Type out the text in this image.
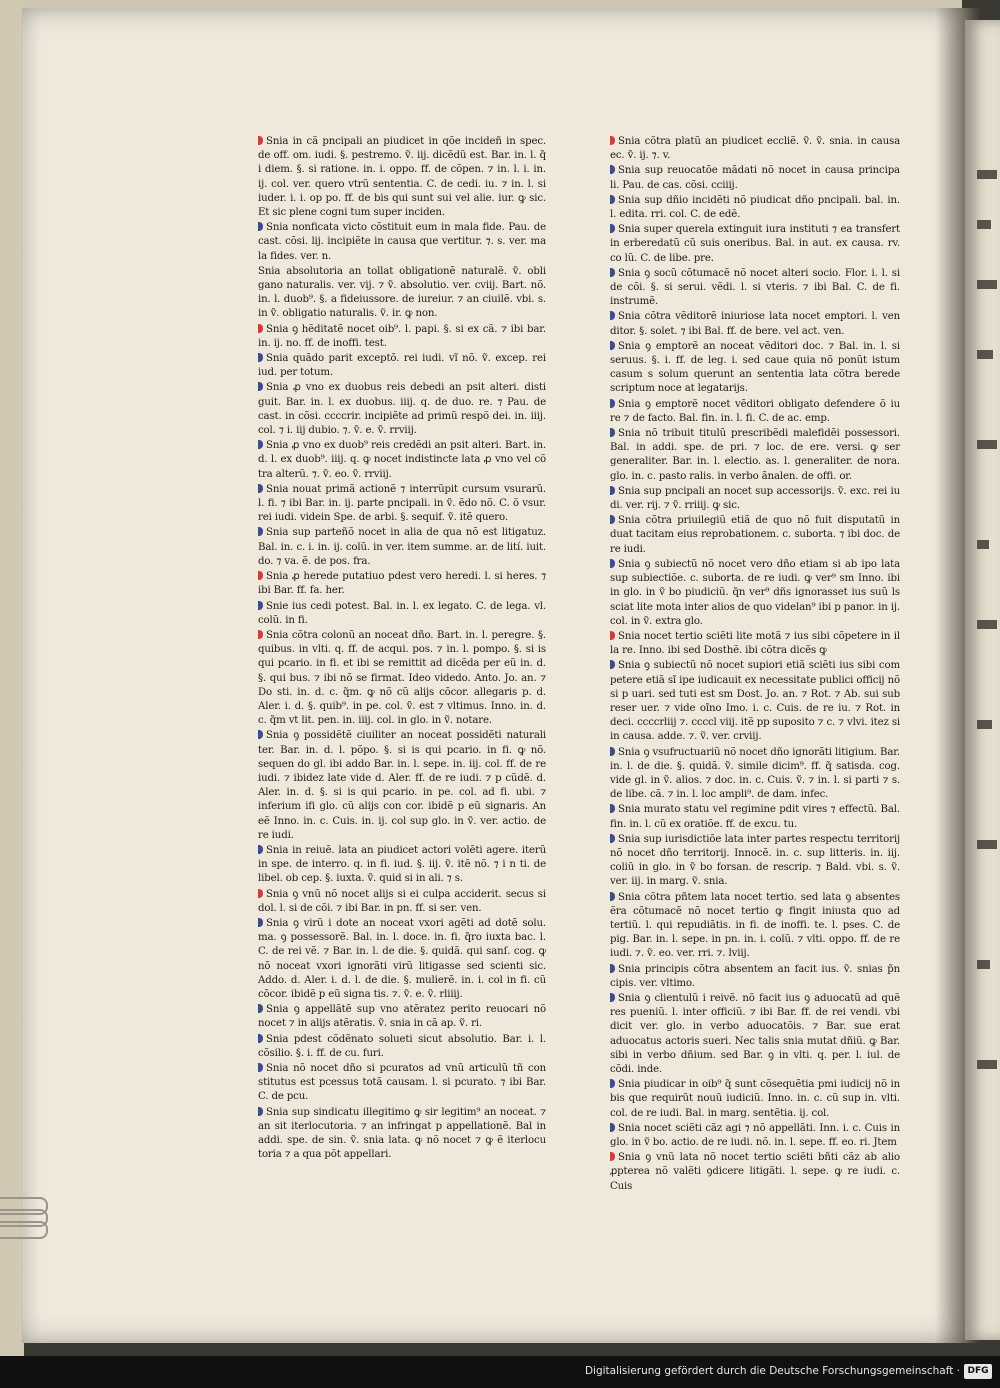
Snia in cã pncipali an piudicet in qõe incideñ in spec. de off. om. iudi. §. pestremo. ṽ. iij. dicẽdũ est. Bar. in. l. q̃ i diem. §. si ratione. in. i. oppo. ff. de cõpen. ⁊ in. l. i. in. ij. col. ver. quero vtrũ sententia. C. de cedi. iu. ⁊ in. l. si iuder. i. i. op po. ff. de bis qui sunt sui vel alie. iur. ꝙ sic. Et sic plene cogni tum super inciden.

Snia nonficata victo cõstituit eum in mala fide. Pau. de cast. cõsi. lij. incipiẽte in causa que vertitur. ⁊. s. ver. ma la fides. ver. n.

Snia absolutoria an tollat obligationẽ naturalẽ. ṽ. obli gano naturalis. ver. vij. ⁊ ṽ. absolutio. ver. cviij. Bart. nõ. in. l. duob⁹. §. a fideiussore. de iureiur. ⁊ an ciuilẽ. vbi. s. in ṽ. obligatio naturalis. ṽ. ir. ꝙ non.

Snia ꝯ hẽditatẽ nocet oib⁹. l. papi. §. si ex cã. ⁊ ibi bar. in. ij. no. ff. de inoffi. test.

Snia quãdo parit exceptõ. rei iudi. vĩ nõ. ṽ. excep. rei iud. per totum.

Snia ꝓ vno ex duobus reis debedi an psit alteri. disti guit. Bar. in. l. ex duobus. iiij. q. de duo. re. ⁊ Pau. de cast. in cõsi. ccccrir. incipiẽte ad primũ respõ dei. in. iiij. col. ⁊ i. iij dubio. ⁊. ṽ. e. ṽ. rrviij.

Snia ꝓ vno ex duob⁹ reis credẽdi an psit alteri. Bart. in. d. l. ex duob⁹. iiij. q. ꝙ nocet indistincte lata ꝓ vno vel cõ tra alterũ. ⁊. ṽ. eo. ṽ. rrviij.

Snia nouat primã actionẽ ⁊ interrũpit cursum vsurarũ. l. fi. ⁊ ibi Bar. in. ij. parte pncipali. in ṽ. ẽdo nõ. C. õ vsur. rei iudi. videin Spe. de arbi. §. sequif. ṽ. itẽ quero.

Snia sup parteñõ nocet in alia de qua nõ est litigatuz. Bal. in. c. i. in. ij. colũ. in ver. item summe. ar. de lití. iuit. do. ⁊ va. ẽ. de pos. fra.

Snia ꝓ herede putatiuo pdest vero heredi. l. si heres. ⁊ ibi Bar. ff. fa. her.

Snie ius cedi potest. Bal. in. l. ex legato. C. de lega. vl. colũ. in fi.

Snia cõtra colonũ an noceat dño. Bart. in. l. peregre. §. quibus. in vlti. q. ff. de acqui. pos. ⁊ in. l. pompo. §. si is qui pcario. in fi. et ibi se remittit ad dicẽda per eũ in. d. §. qui bus. ⁊ ibi nõ se firmat. Ideo videdo. Anto. Jo. an. ⁊ Do sti. in. d. c. q̃m. ꝙ nõ cũ alijs cõcor. allegaris p. d. Aler. i. d. §. quib⁹. in pe. col. ṽ. est ⁊ vltimus. Inno. in. d. c. q̃m vt lit. pen. in. iiij. col. in glo. in ṽ. notare.

Snia ꝯ possidẽtẽ ciuiliter an noceat possidẽti naturali ter. Bar. in. d. l. põpo. §. si is qui pcario. in fi. ꝙ nõ. sequen do gl. ibi addo Bar. in. l. sepe. in. iij. col. ff. de re iudi. ⁊ ibidez late vide d. Aler. ff. de re iudi. ⁊ p cũdẽ. d. Aler. in. d. §. si is qui pcario. in pe. col. ad fi. ubi. ⁊ inferium ifi glo. cũ alijs con cor. ibidẽ p eũ signaris. An eẽ Inno. in. c. Cuis. in. ij. col sup glo. in ṽ. ver. actio. de re iudi.

Snia in reiuẽ. lata an piudicet actori volẽti agere. iterũ in spe. de interro. q. in fi. iud. §. iij. ṽ. itẽ nõ. ⁊ i n ti. de libel. ob cep. §. iuxta. ṽ. quid si in ali. ⁊ s.

Snia ꝯ vnũ nõ nocet alijs si ei culpa acciderit. secus si dol. l. si de cõi. ⁊ ibi Bar. in pn. ff. si ser. ven.

Snia ꝯ virũ i dote an noceat vxori agẽti ad dotẽ solu. ma. ꝯ possessorẽ. Bal. in. l. doce. in. fi. q̃ro iuxta bac. l. C. de rei vẽ. ⁊ Bar. in. l. de die. §. quidã. qui sanſ. cog. ꝙ nõ noceat vxori ignorãti virũ litigasse sed scienti sic. Addo. d. Aler. i. d. l. de die. §. mulierẽ. in. i. col in fi. cũ cõcor. ibidẽ p eũ signa tis. ⁊. ṽ. e. ṽ. rliiij.

Snia ꝯ appellãtẽ sup vno atẽratez perito reuocari nõ nocet ⁊ in alijs atẽratis. ṽ. snia in cã ap. ṽ. ri.

Snia pdest cõdẽnato solueti sicut absolutio. Bar. i. l. cõsilio. §. i. ff. de cu. furi.

Snia nõ nocet dño si pcuratos ad vnũ articulũ tñ con stitutus est pcessus totã causam. l. si pcurato. ⁊ ibi Bar. C. de pcu.

Snia sup sindicatu illegitimo ꝙ sir legitim⁹ an noceat. ⁊ an sit iterlocutoria. ⁊ an infringat p appellationẽ. Bal in addi. spe. de sin. ṽ. snia lata. ꝙ nõ nocet ⁊ ꝙ ẽ iterlocu toria ⁊ a qua põt appellari.

Snia cõtra platũ an piudicet eccliẽ. ṽ. ṽ. snia. in causa ec. ṽ. ij. ⁊. v.

Snia sup reuocatõe mãdati nõ nocet in causa principa li. Pau. de cas. cõsi. cciiij.

Snia sup dñio incidẽti nõ piudicat dño pncipali. bal. in. l. edita. rri. col. C. de edẽ.

Snia super querela extinguit iura instituti ⁊ ea transfert in erberedatũ cũ suis oneribus. Bal. in aut. ex causa. rv. co lũ. C. de libe. pre.

Snia ꝯ socũ cõtumacẽ nõ nocet alteri socio. Flor. i. l. si de cõi. §. si serui. vẽdi. l. si vteris. ⁊ ibi Bal. C. de fi. instrumẽ.

Snia cõtra vẽditorẽ iniuriose lata nocet emptori. l. ven ditor. §. solet. ⁊ ibi Bal. ff. de bere. vel act. ven.

Snia ꝯ emptorẽ an noceat vẽditori doc. ⁊ Bal. in. l. si seruus. §. i. ff. de leg. i. sed caue quia nõ ponũt istum casum s solum querunt an sententia lata cõtra berede scriptum noce at legatarijs.

Snia ꝯ emptorẽ nocet vẽditori obligato defendere õ iu re ⁊ de facto. Bal. fin. in. l. fi. C. de ac. emp.

Snia nõ tribuit titulũ prescribẽdi malefidẽi possessori. Bal. in addi. spe. de pri. ⁊ loc. de ere. versi. ꝙ ser generaliter. Bar. in. l. electio. as. l. generaliter. de nora. glo. in. c. pasto ralis. in verbo ãnalen. de offi. or.

Snia sup pncipali an nocet sup accessorijs. ṽ. exc. rei iu di. ver. rij. ⁊ ṽ. rriiij. ꝙ sic.

Snia cõtra priuilegiũ etiã de quo nõ fuit disputatũ in duat tacitam eius reprobationem. c. suborta. ⁊ ibi doc. de re iudi.

Snia ꝯ subiectũ nõ nocet vero dño etiam si ab ipo lata sup subiectiõe. c. suborta. de re iudi. ꝙ ver⁹ sm Inno. ibi in glo. in ṽ bo piudiciũ. q̃n ver⁹ dñs ignorasset ius suũ ls sciat lite mota inter alios de quo videlan⁹ ibi p panor. in ij. col. in ṽ. extra glo.

Snia nocet tertio sciẽti lite motã ⁊ ius sibi cõpetere in il la re. Inno. ibi sed Dosthẽ. ibi cõtra dicẽs ꝙ

Snia ꝯ subiectũ nõ nocet supiori etiã sciẽti ius sibi com petere etiã sĩ ipe iudicauit ex necessitate publici officij nõ si p uari. sed tuti est sm Dost. Jo. an. ⁊ Rot. ⁊ Ab. sui sub reser uer. ⁊ vide oĩno Imo. i. c. Cuis. de re iu. ⁊ Rot. in deci. ccccrliij ⁊. ccccl viij. itẽ pp suposito ⁊ c. ⁊ vlvi. itez si in causa. adde. ⁊. ṽ. ver. crviij.

Snia ꝯ vsufructuariũ nõ nocet dño ignorãti litigium. Bar. in. l. de die. §. quidã. ṽ. simile dicim⁹. ff. q̃ satisda. cog. vide gl. in ṽ. alios. ⁊ doc. in. c. Cuis. ṽ. ⁊ in. l. si parti ⁊ s. de libe. cã. ⁊ in. l. loc ampli⁹. de dam. infec.

Snia murato statu vel regimine pdit vires ⁊ effectũ. Bal. fin. in. l. cũ ex oratiõe. ff. de excu. tu.

Snia sup iurisdictiõe lata inter partes respectu territorij nõ nocet dño territorij. Innocẽ. in. c. sup litteris. in. iij. coliũ in glo. in ṽ bo forsan. de rescrip. ⁊ Bald. vbi. s. ṽ. ver. iij. in marg. ṽ. snia.

Snia cõtra pñtem lata nocet tertio. sed lata ꝯ absentes ẽra cõtumacẽ nõ nocet tertio ꝙ fingit iniusta quo ad tertiũ. l. qui repudiãtis. in fi. de inoffi. te. l. pses. C. de pig. Bar. in. l. sepe. in pn. in. i. colũ. ⁊ vlti. oppo. ff. de re iudi. ⁊. ṽ. eo. ver. rri. ⁊. lviij.

Snia principis cõtra absentem an facit ius. ṽ. snias p̃n cipis. ver. vltimo.

Snia ꝯ clientulũ i reivẽ. nõ facit ius ꝯ aduocatũ ad quẽ res pueniũ. l. inter officiũ. ⁊ ibi Bar. ff. de rei vendi. vbi dicit ver. glo. in verbo aduocatõis. ⁊ Bar. sue erat aduocatus actoris sueri. Nec talis snia mutat dñiũ. ꝙ Bar. sibi in verbo dñium. sed Bar. ꝯ in vlti. q. per. l. iul. de cõdi. inde.

Snia piudicar in oib⁹ q̃ sunt cõsequẽtia pmi iudicij nõ in bis que requirũt nouũ iudiciũ. Inno. in. c. cũ sup in. vlti. col. de re iudi. Bal. in marg. sentẽtia. ij. col.

Snia nocet sciẽti cãz agi ⁊ nõ appellãti. Inn. i. c. Cuis in glo. in ṽ bo. actio. de re iudi. nõ. in. l. sepe. ff. eo. ri. Jtem

Snia ꝯ vnũ lata nõ nocet tertio sciẽti bñti cãz ab alio ꝓpterea nõ valẽti ꝯdicere litigãti. l. sepe. ꝙ re iudi. c. Cuis

Digitalisierung gefördert durch die Deutsche Forschungsgemeinschaft · DFG
